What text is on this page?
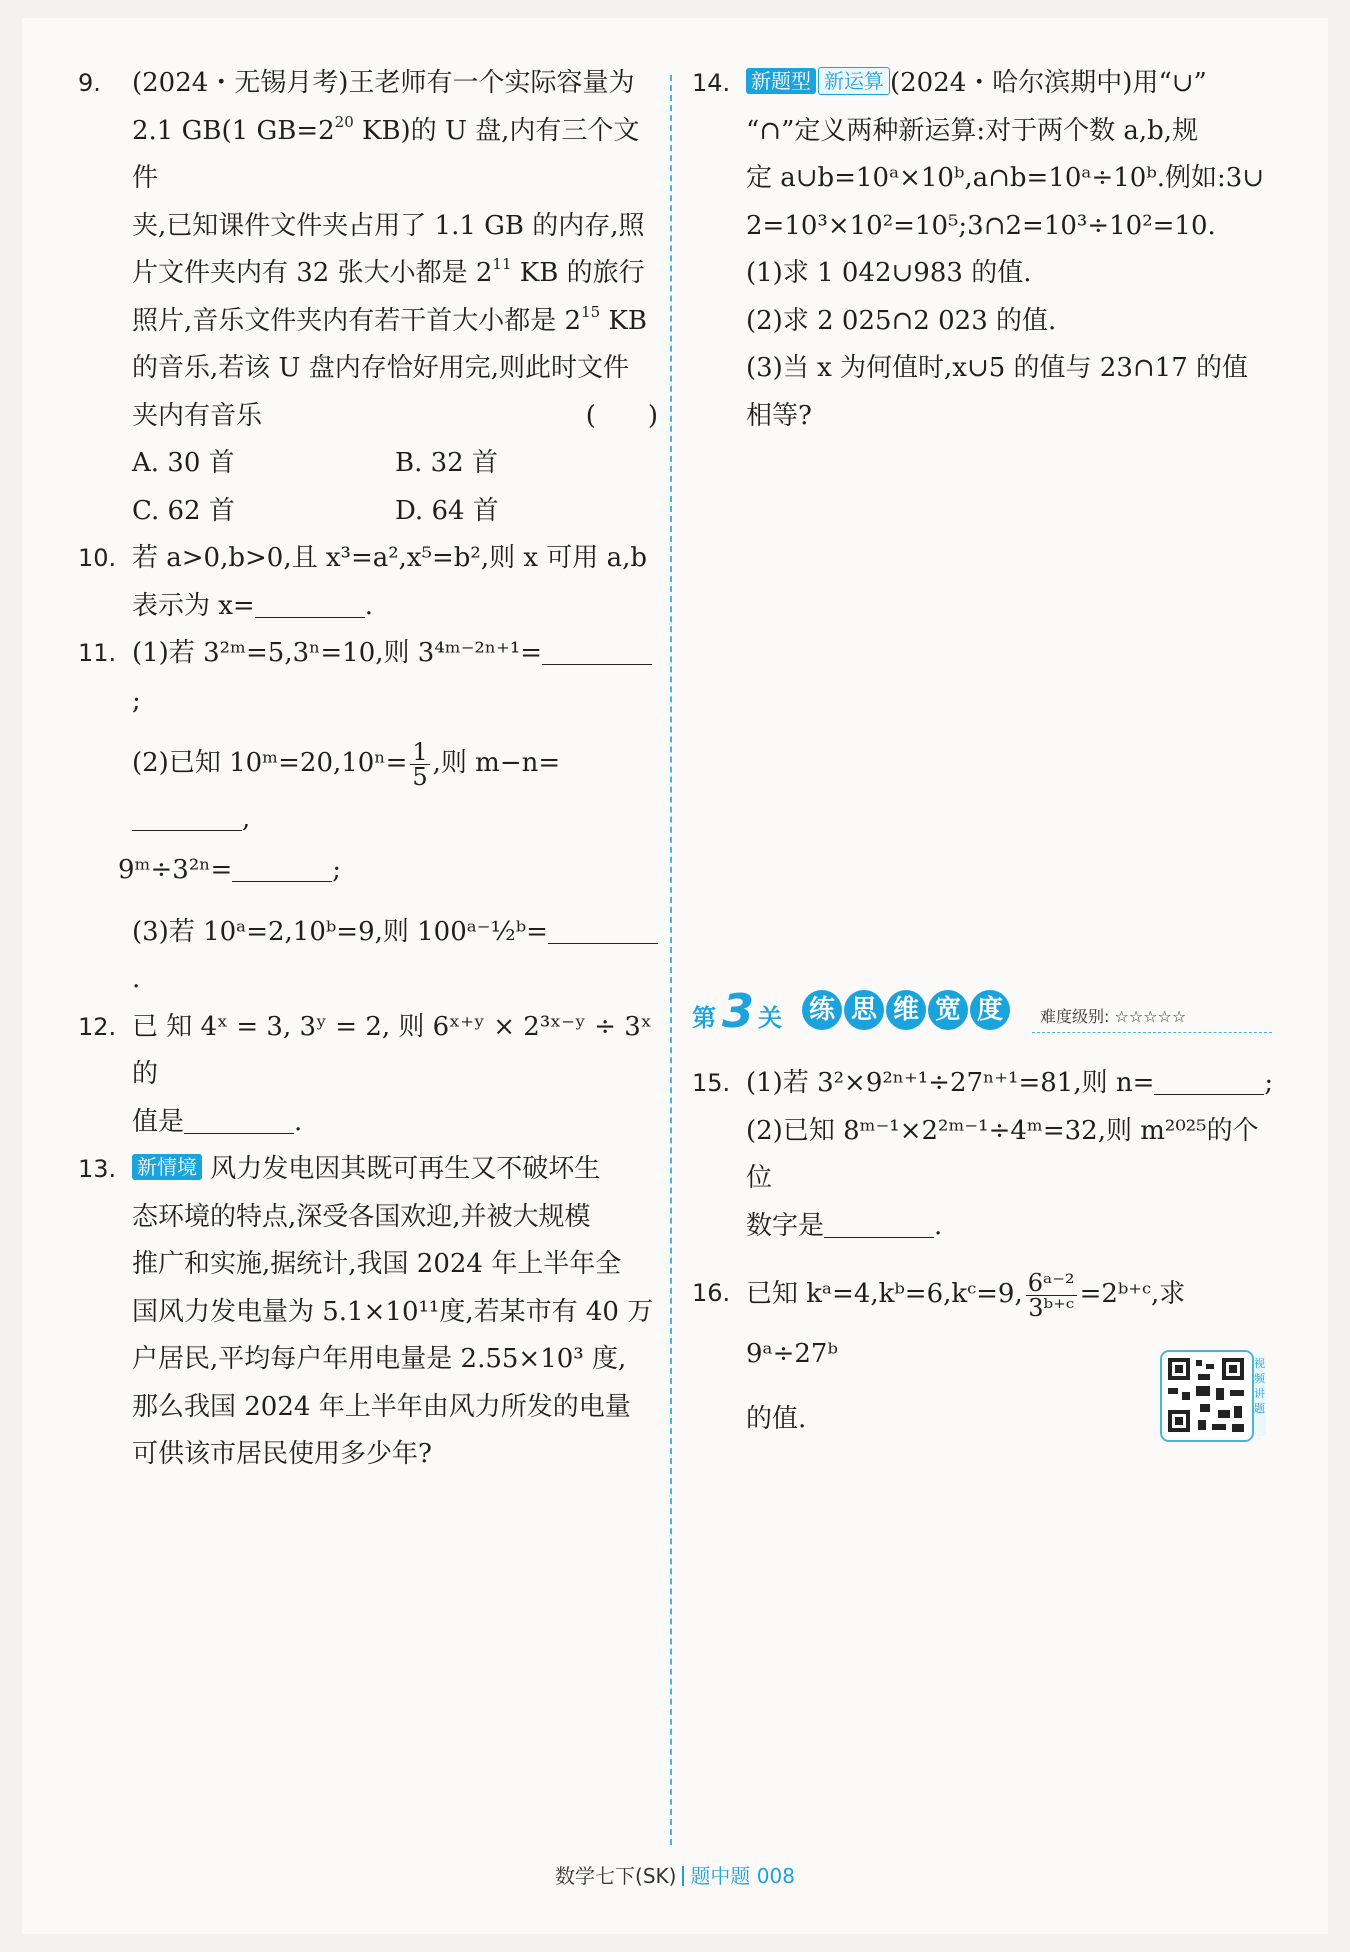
9. (2024・无锡月考)王老师有一个实际容量为

2.1 GB(1 $GB=2^{20}$ KB)的 U 盘,内有三个文件

夹,已知课件文件夹占用了 1.1 GB 的内存,照

片文件夹内有 32 张大小都是 $2^{11}$ KB 的旅行

照片,音乐文件夹内有若干首大小都是 $2^{15}$ KB

的音乐,若该 U 盘内存恰好用完,则此时文件

夹内有音乐	(　　)

A. 30 首	B. 32 首
C. 62 首	D. 64 首
10. 若 a>0,b>0,且 x³=a²,x⁵=b²,则 x 可用 a,b

表示为 x=	.

11. (1)若 3²ᵐ=5,3ⁿ=10,则 3⁴ᵐ⁻²ⁿ⁺¹=;

(2)已知 10ᵐ=20,10ⁿ= $\frac{1}{5}$ ,则 m−n=,

9ᵐ÷3²ⁿ=	;

(3)若 10ᵃ=2,10ᵇ=9,则 100ᵃ⁻½ᵇ=.

12. 已 知 4ˣ = 3, 3ʸ = 2, 则 6ˣ⁺ʸ × 2³ˣ⁻ʸ ÷ 3ˣ 的

值是	.

13. 新情境 风力发电因其既可再生又不破坏生

态环境的特点,深受各国欢迎,并被大规模

推广和实施,据统计,我国 2024 年上半年全

国风力发电量为 5.1×10¹¹度,若某市有 40 万

户居民,平均每户年用电量是 2.55×10³ 度,

那么我国 2024 年上半年由风力所发的电量

可供该市居民使用多少年?

14. 新题型 新运算 (2024・哈尔滨期中)用“∪”

“∩”定义两种新运算:对于两个数 a,b,规

定 a∪b=10ᵃ×10ᵇ,a∩b=10ᵃ÷10ᵇ.例如:3∪

2=10³×10²=10⁵;3∩2=10³÷10²=10.

(1)求 1 042∪983 的值.

(2)求 2 025∩2 023 的值.

(3)当 x 为何值时,x∪5 的值与 23∩17 的值

相等?

第 3 关 练 思 维 宽 度	难度级别: ☆☆☆☆☆
15. (1)若 3²×9²ⁿ⁺¹÷27ⁿ⁺¹=81,则 n=	;

(2)已知 8ᵐ⁻¹×2²ᵐ⁻¹÷4ᵐ=32,则 m²⁰²⁵的个位

数字是	.

16. 已知 kᵃ=4,kᵇ=6,kᶜ=9, $\frac{\text{6ᵃ⁻²}}{\text{3ᵇ⁺ᶜ}}$ =2ᵇ⁺ᶜ,求 9ᵃ÷27ᵇ

的值.

视频讲题
数学七下(SK) 题中题 008
